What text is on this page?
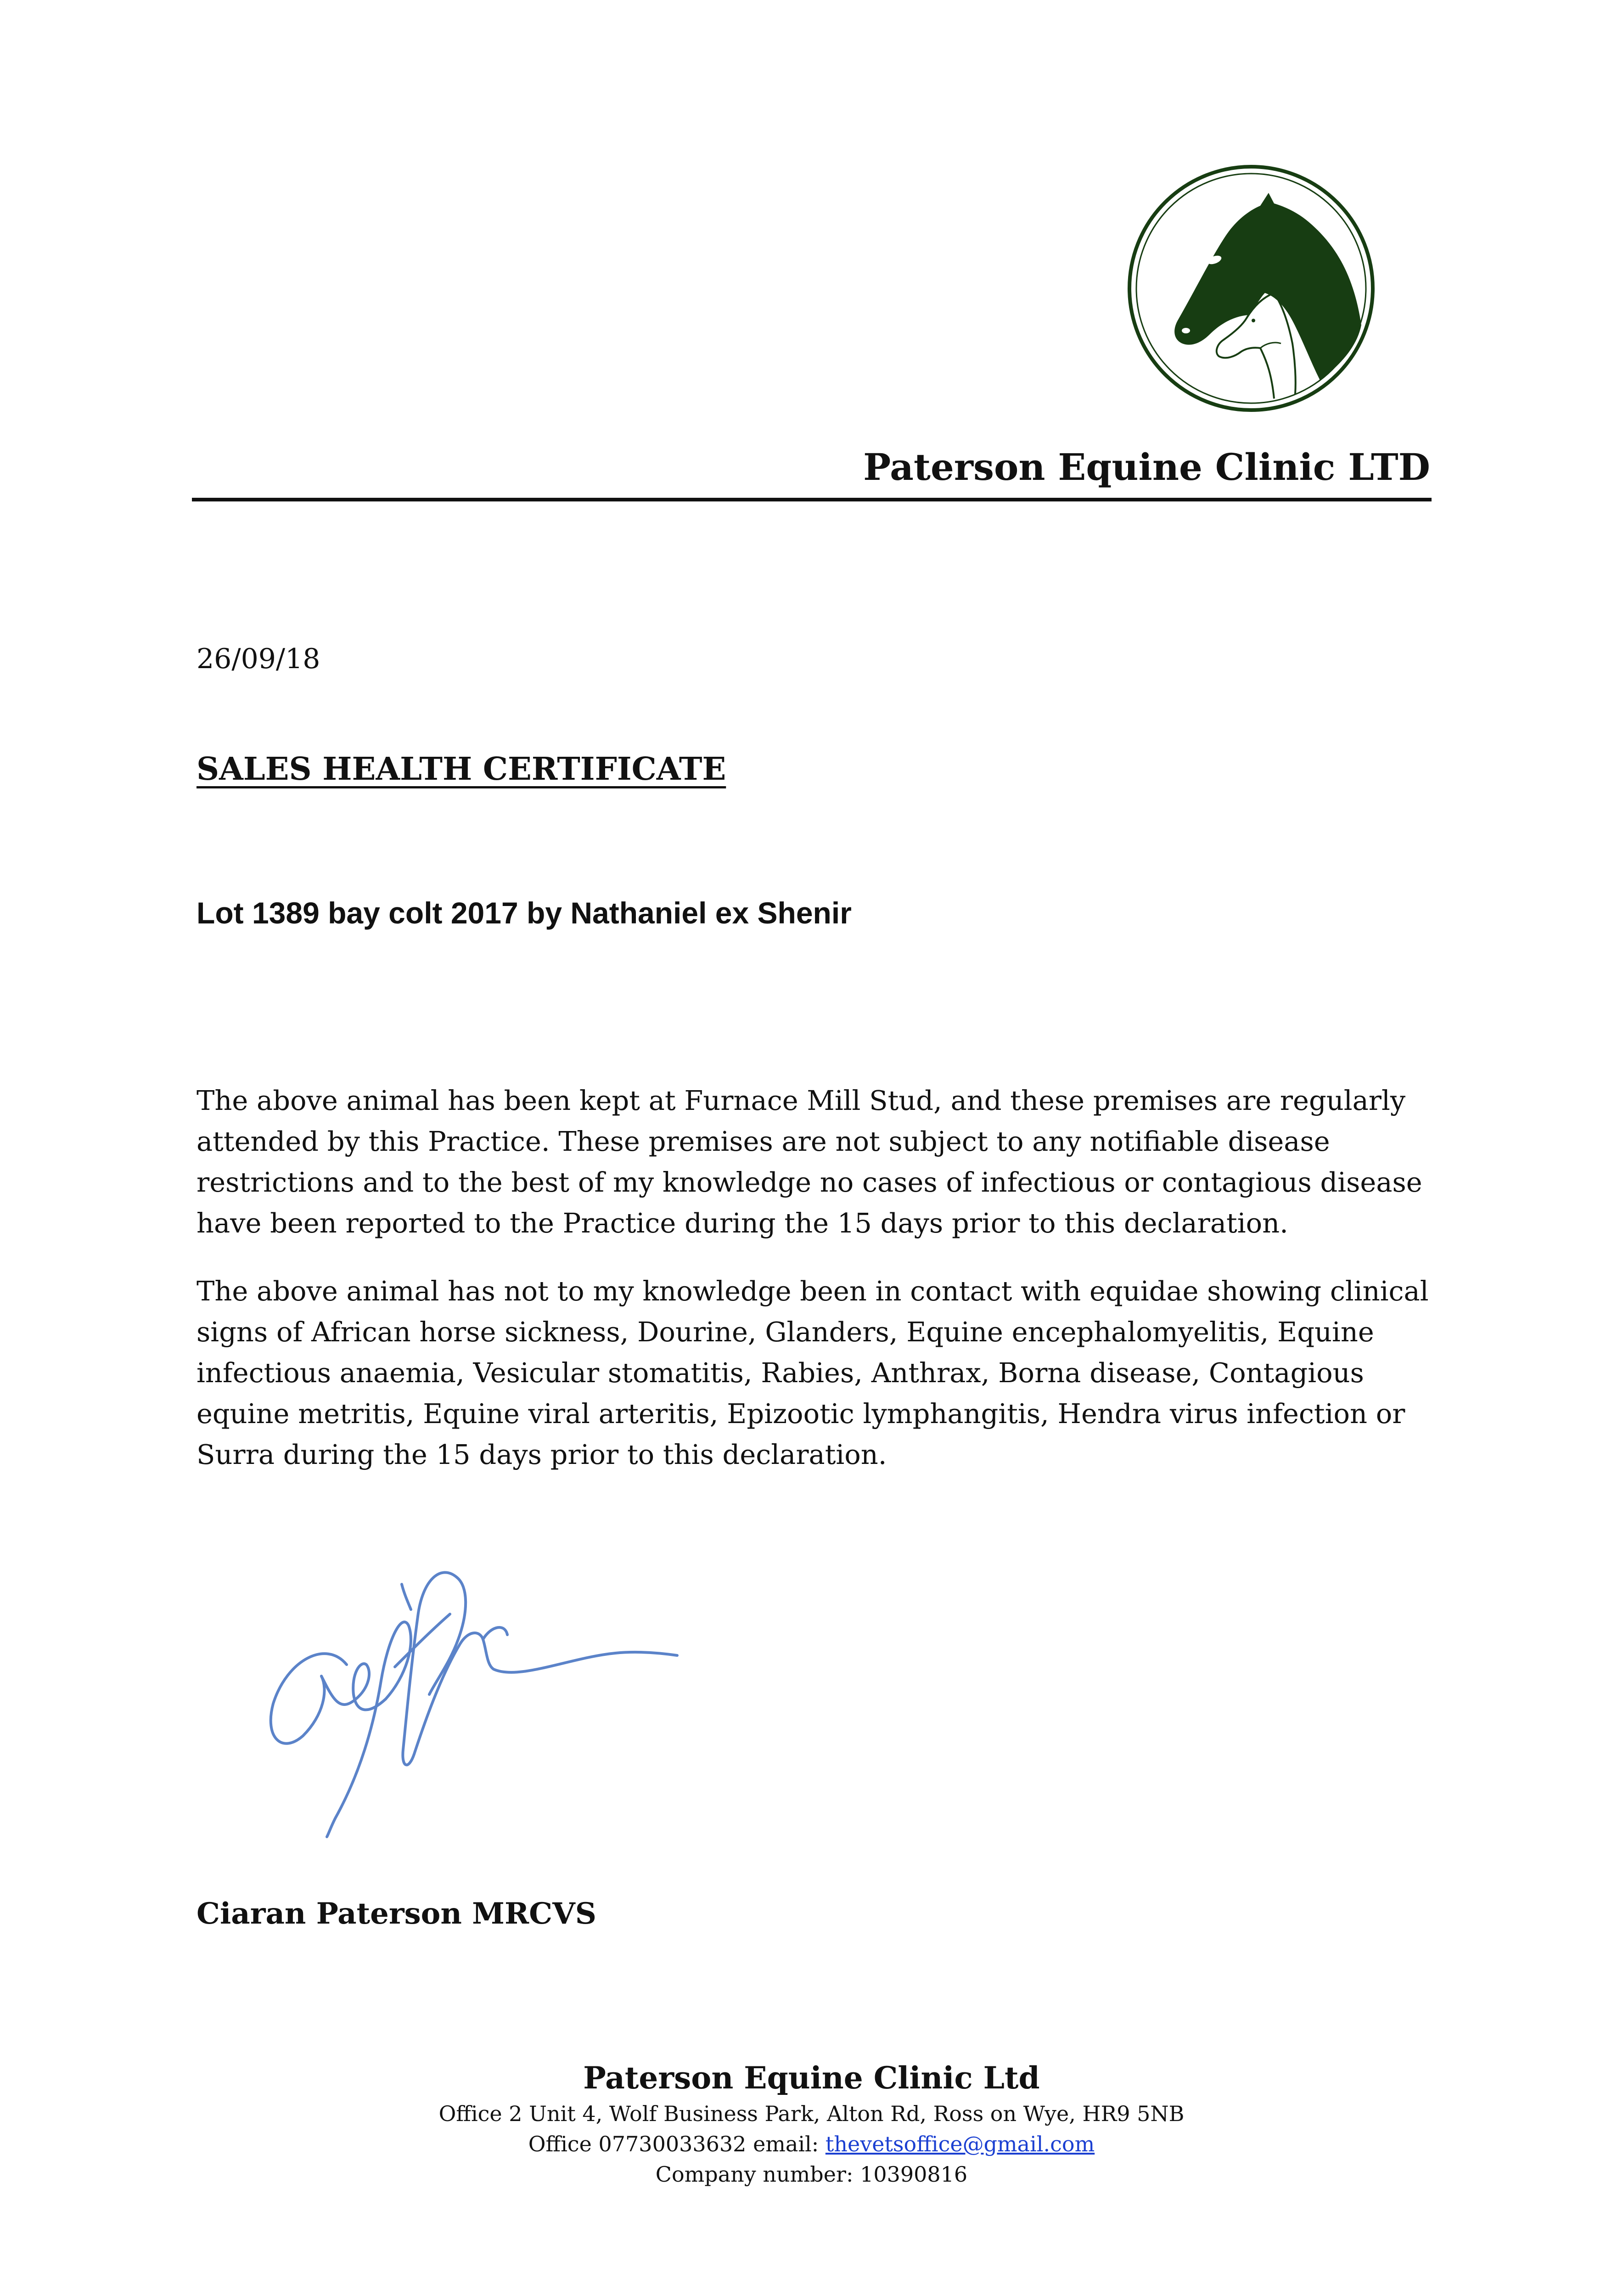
Paterson Equine Clinic LTD
26/09/18
SALES HEALTH CERTIFICATE
Lot 1389 bay colt 2017 by Nathaniel ex Shenir
The above animal has been kept at Furnace Mill Stud, and these premises are regularly attended by this Practice. These premises are not subject to any notifiable disease restrictions and to the best of my knowledge no cases of infectious or contagious disease have been reported to the Practice during the 15 days prior to this declaration.
The above animal has not to my knowledge been in contact with equidae showing clinical signs of African horse sickness, Dourine, Glanders, Equine encephalomyelitis, Equine infectious anaemia, Vesicular stomatitis, Rabies, Anthrax, Borna disease, Contagious equine metritis, Equine viral arteritis, Epizootic lymphangitis, Hendra virus infection or Surra during the 15 days prior to this declaration.
Ciaran Paterson MRCVS
Paterson Equine Clinic Ltd
Office 2 Unit 4, Wolf Business Park, Alton Rd, Ross on Wye, HR9 5NB
Office 07730033632 email: thevetsoffice@gmail.com
Company number: 10390816
